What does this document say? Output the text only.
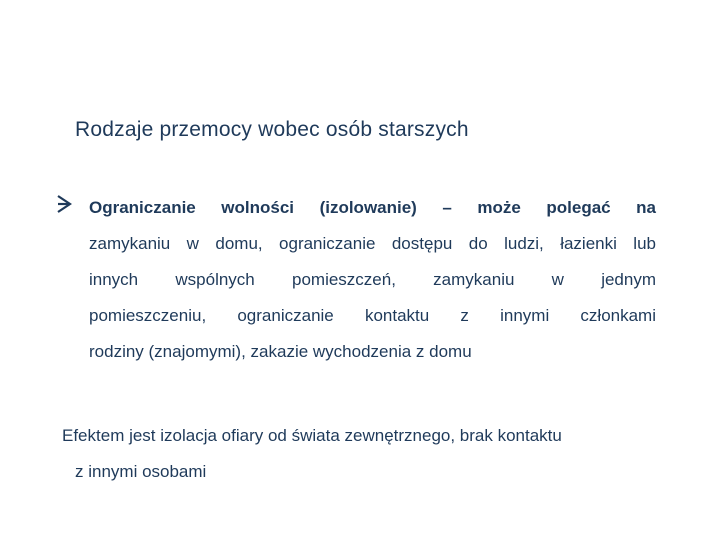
Rodzaje przemocy wobec osób starszych
Ograniczanie wolności (izolowanie) – może polegać na
zamykaniu w domu, ograniczanie dostępu do ludzi, łazienki lub
innych wspólnych pomieszczeń, zamykaniu w jednym
pomieszczeniu, ograniczanie kontaktu z innymi członkami
rodziny (znajomymi), zakazie wychodzenia z domu
Efektem jest izolacja ofiary od świata zewnętrznego, brak kontaktu
z innymi osobami
